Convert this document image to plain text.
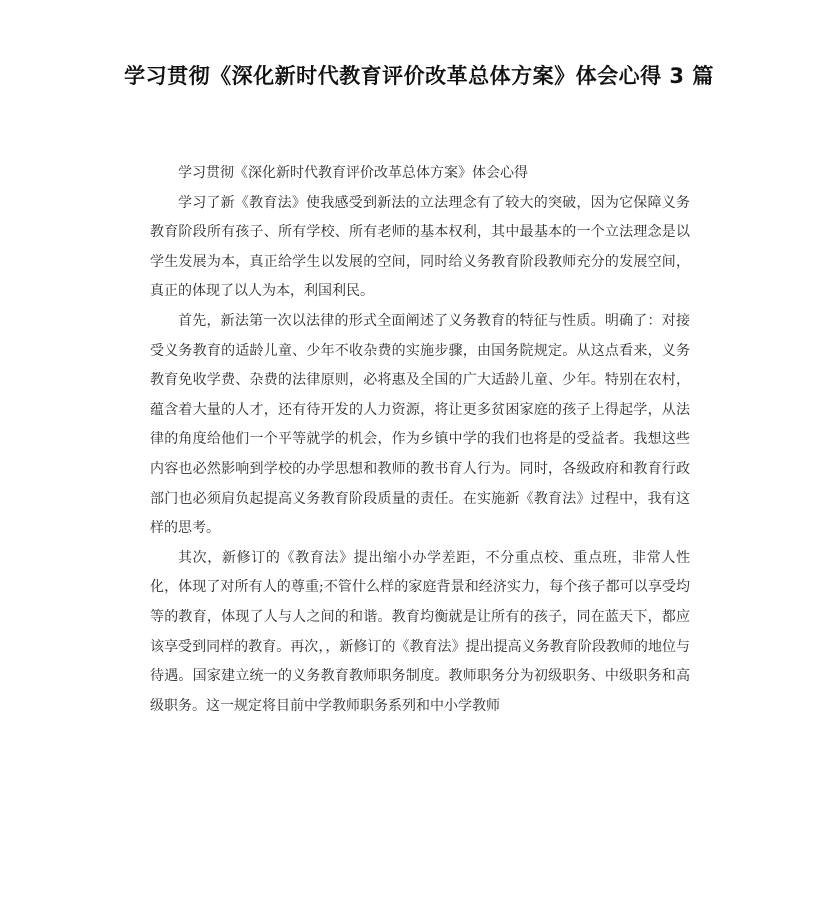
学习贯彻《深化新时代教育评价改革总体方案》体会心得 3 篇

学习贯彻《深化新时代教育评价改革总体方案》体会心得

学习了新《教育法》使我感受到新法的立法理念有了较大的突破，因为它保障义务教育阶段所有孩子、所有学校、所有老师的基本权利，其中最基本的一个立法理念是以学生发展为本，真正给学生以发展的空间，同时给义务教育阶段教师充分的发展空间，真正的体现了以人为本，利国利民。

首先，新法第一次以法律的形式全面阐述了义务教育的特征与性质。明确了：对接受义务教育的适龄儿童、少年不收杂费的实施步骤，由国务院规定。从这点看来，义务教育免收学费、杂费的法律原则，必将惠及全国的广大适龄儿童、少年。特别在农村，蕴含着大量的人才，还有待开发的人力资源，将让更多贫困家庭的孩子上得起学，从法律的角度给他们一个平等就学的机会，作为乡镇中学的我们也将是的受益者。我想这些内容也必然影响到学校的办学思想和教师的教书育人行为。同时，各级政府和教育行政部门也必须肩负起提高义务教育阶段质量的责任。在实施新《教育法》过程中，我有这样的思考。

其次，新修订的《教育法》提出缩小办学差距，不分重点校、重点班，非常人性化，体现了对所有人的尊重;不管什么样的家庭背景和经济实力，每个孩子都可以享受均等的教育，体现了人与人之间的和谐。教育均衡就是让所有的孩子，同在蓝天下，都应该享受到同样的教育。再次，，新修订的《教育法》提出提高义务教育阶段教师的地位与待遇。国家建立统一的义务教育教师职务制度。教师职务分为初级职务、中级职务和高级职务。这一规定将目前中学教师职务系列和中小学教师
